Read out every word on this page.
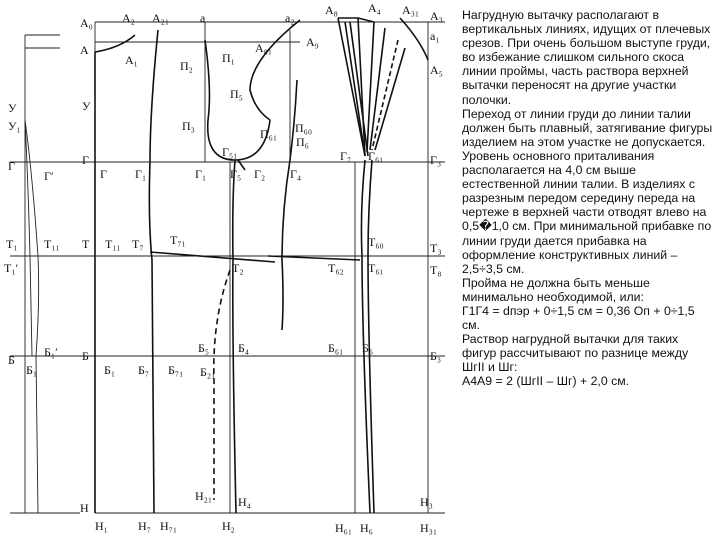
А₀ А₂ А₂₁	а	а₂
А₈	А₄ А₃₁ А₃
а₁
А
А₁	П₂
П₁
А₈₁	А₉
А₅
У
У
У₁
П₅
П₃
П₆₁ П₆₀
П₆
Г₅₁	Г₇ Г₆₁	Г₃
Г
Г′
Г
Г Г₁	Г₁ Г₅ Г₂ Г₄
Т₁ Т₁₁
Т₁′
Т Т₁₁ Т₇ Т₇₁	Т₆₀	Т₃
Т₂	Т₆₂ Т₆₁	Т₈
Б
Б₁
Б₁′	Б₅ Б₄
Б₂₁
Б
Б₁ Б₇ Б₇₁
Б₆₁ Б₆
Б₃
Н₂₁ Н₄
Н
Н₁	Н₇ Н₇₁	Н₂	Н₆₁ Н₆
Н₃
Н₃₁

Нагрудную вытачку располагают в вертикальных линиях, идущих от плечевых срезов. При очень большом выступе груди, во избежание слишком сильного скоса линии проймы, часть раствора верхней вытачки переносят на другие участки полочки.

Переход от линии груди до линии талии должен быть плавный, затягивание фигуры изделием на этом участке не допускается.

Уровень основного приталивания располагается на 4,0 см выше естественной линии талии. В изделиях с разрезным передом середину переда на чертеже в верхней части отводят влево на 0,5�1,0 см. При минимальной прибавке по линии груди дается прибавка на оформление конструктивных линий – 2,5÷3,5 см.

Пройма не должна быть меньше минимально необходимой, или:

Г1Г4 = dпэр + 0÷1,5 см = 0,36 Оп + 0÷1,5 см.

Раствор нагрудной вытачки для таких фигур рассчитывают по разнице между ШгII и Шг:

А4А9 = 2 (ШгII – Шг) + 2,0 см.
